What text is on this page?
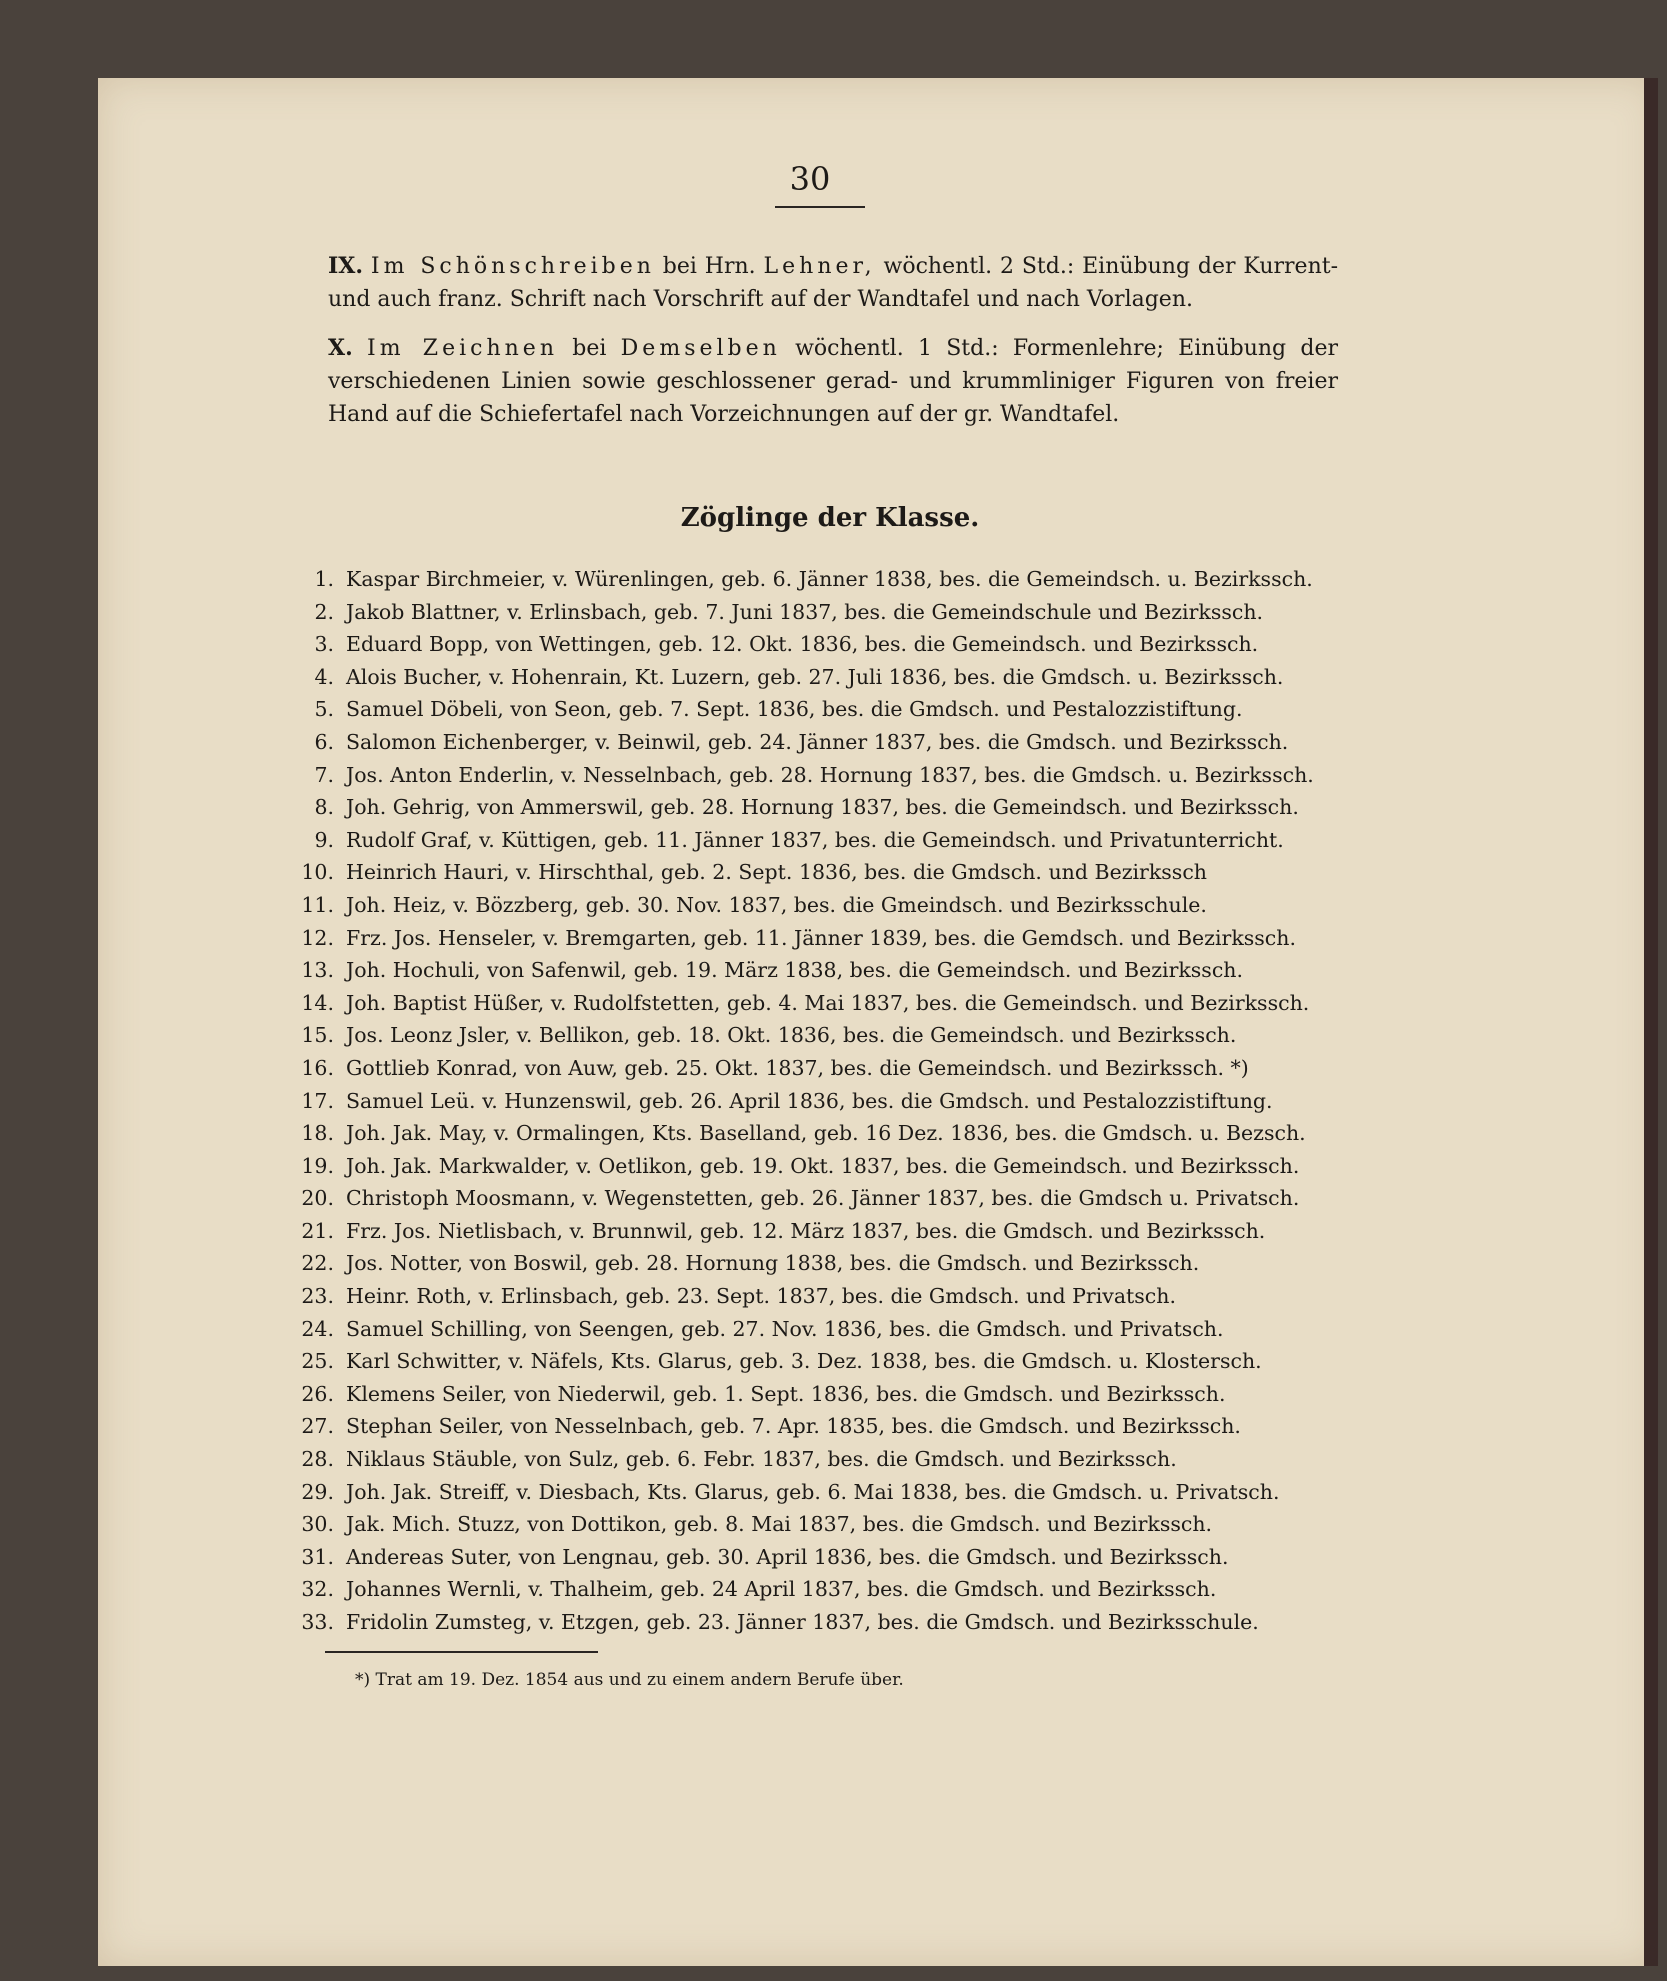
30
IX. Im Schönschreiben bei Hrn. Lehner, wöchentl. 2 Std.: Einübung der Kurrent- und auch franz. Schrift nach Vorschrift auf der Wandtafel und nach Vorlagen.
X. Im Zeichnen bei Demselben wöchentl. 1 Std.: Formenlehre; Einübung der verschiedenen Linien sowie geschlossener gerad- und krummliniger Figuren von freier Hand auf die Schiefertafel nach Vorzeichnungen auf der gr. Wandtafel.
Zöglinge der Klasse.
1. Kaspar Birchmeier, v. Würenlingen, geb. 6. Jänner 1838, bes. die Gemeindsch. u. Bezirkssch.
2. Jakob Blattner, v. Erlinsbach, geb. 7. Juni 1837, bes. die Gemeindschule und Bezirkssch.
3. Eduard Bopp, von Wettingen, geb. 12. Okt. 1836, bes. die Gemeindsch. und Bezirkssch.
4. Alois Bucher, v. Hohenrain, Kt. Luzern, geb. 27. Juli 1836, bes. die Gmdsch. u. Bezirkssch.
5. Samuel Döbeli, von Seon, geb. 7. Sept. 1836, bes. die Gmdsch. und Pestalozzistiftung.
6. Salomon Eichenberger, v. Beinwil, geb. 24. Jänner 1837, bes. die Gmdsch. und Bezirkssch.
7. Jos. Anton Enderlin, v. Nesselnbach, geb. 28. Hornung 1837, bes. die Gmdsch. u. Bezirkssch.
8. Joh. Gehrig, von Ammerswil, geb. 28. Hornung 1837, bes. die Gemeindsch. und Bezirkssch.
9. Rudolf Graf, v. Küttigen, geb. 11. Jänner 1837, bes. die Gemeindsch. und Privatunterricht.
10. Heinrich Hauri, v. Hirschthal, geb. 2. Sept. 1836, bes. die Gmdsch. und Bezirkssch
11. Joh. Heiz, v. Bözzberg, geb. 30. Nov. 1837, bes. die Gmeindsch. und Bezirksschule.
12. Frz. Jos. Henseler, v. Bremgarten, geb. 11. Jänner 1839, bes. die Gemdsch. und Bezirkssch.
13. Joh. Hochuli, von Safenwil, geb. 19. März 1838, bes. die Gemeindsch. und Bezirkssch.
14. Joh. Baptist Hüßer, v. Rudolfstetten, geb. 4. Mai 1837, bes. die Gemeindsch. und Bezirkssch.
15. Jos. Leonz Jsler, v. Bellikon, geb. 18. Okt. 1836, bes. die Gemeindsch. und Bezirkssch.
16. Gottlieb Konrad, von Auw, geb. 25. Okt. 1837, bes. die Gemeindsch. und Bezirkssch. *)
17. Samuel Leü. v. Hunzenswil, geb. 26. April 1836, bes. die Gmdsch. und Pestalozzistiftung.
18. Joh. Jak. May, v. Ormalingen, Kts. Baselland, geb. 16 Dez. 1836, bes. die Gmdsch. u. Bezsch.
19. Joh. Jak. Markwalder, v. Oetlikon, geb. 19. Okt. 1837, bes. die Gemeindsch. und Bezirkssch.
20. Christoph Moosmann, v. Wegenstetten, geb. 26. Jänner 1837, bes. die Gmdsch u. Privatsch.
21. Frz. Jos. Nietlisbach, v. Brunnwil, geb. 12. März 1837, bes. die Gmdsch. und Bezirkssch.
22. Jos. Notter, von Boswil, geb. 28. Hornung 1838, bes. die Gmdsch. und Bezirkssch.
23. Heinr. Roth, v. Erlinsbach, geb. 23. Sept. 1837, bes. die Gmdsch. und Privatsch.
24. Samuel Schilling, von Seengen, geb. 27. Nov. 1836, bes. die Gmdsch. und Privatsch.
25. Karl Schwitter, v. Näfels, Kts. Glarus, geb. 3. Dez. 1838, bes. die Gmdsch. u. Klostersch.
26. Klemens Seiler, von Niederwil, geb. 1. Sept. 1836, bes. die Gmdsch. und Bezirkssch.
27. Stephan Seiler, von Nesselnbach, geb. 7. Apr. 1835, bes. die Gmdsch. und Bezirkssch.
28. Niklaus Stäuble, von Sulz, geb. 6. Febr. 1837, bes. die Gmdsch. und Bezirkssch.
29. Joh. Jak. Streiff, v. Diesbach, Kts. Glarus, geb. 6. Mai 1838, bes. die Gmdsch. u. Privatsch.
30. Jak. Mich. Stuzz, von Dottikon, geb. 8. Mai 1837, bes. die Gmdsch. und Bezirkssch.
31. Andereas Suter, von Lengnau, geb. 30. April 1836, bes. die Gmdsch. und Bezirkssch.
32. Johannes Wernli, v. Thalheim, geb. 24 April 1837, bes. die Gmdsch. und Bezirkssch.
33. Fridolin Zumsteg, v. Etzgen, geb. 23. Jänner 1837, bes. die Gmdsch. und Bezirksschule.
*) Trat am 19. Dez. 1854 aus und zu einem andern Berufe über.
